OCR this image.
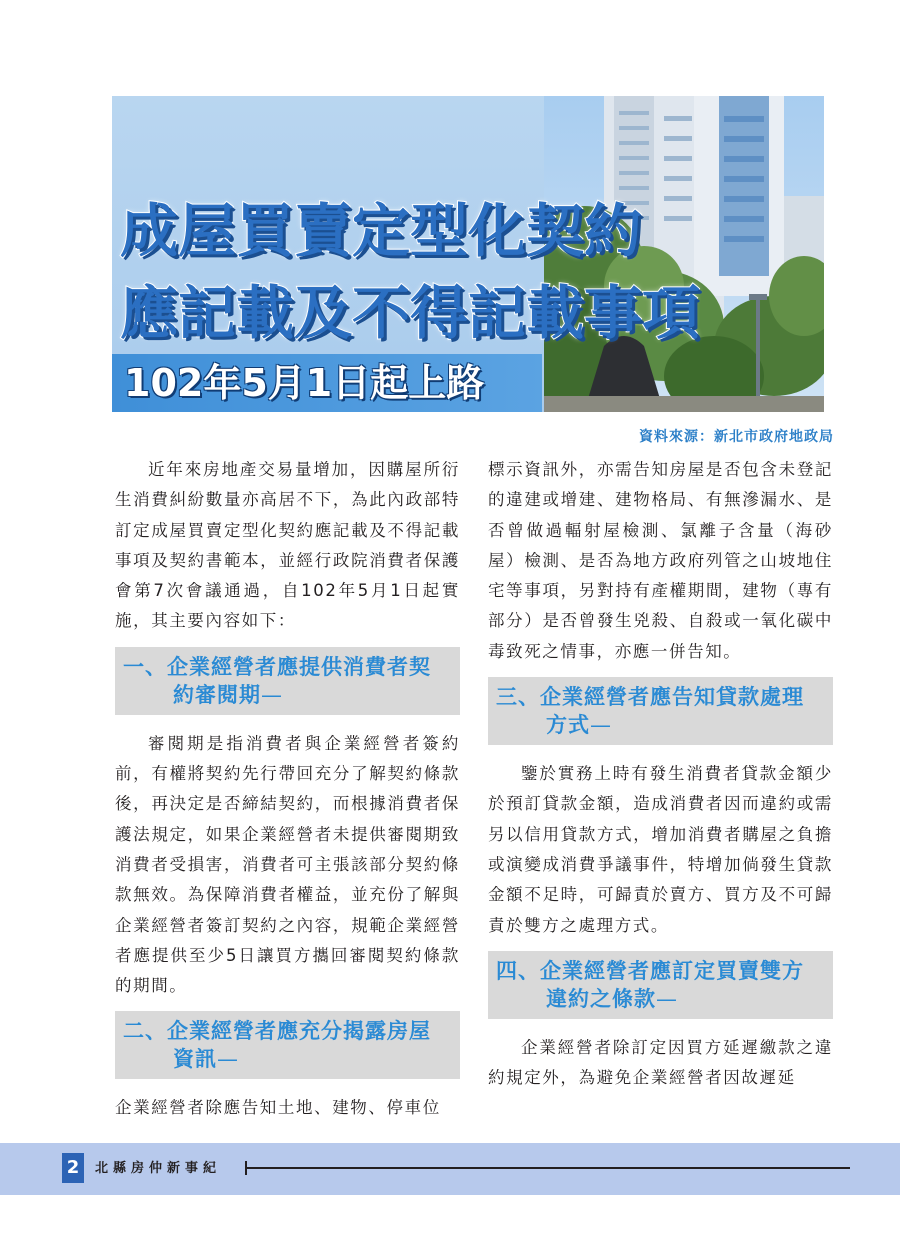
成屋買賣定型化契約
應記載及不得記載事項
102年5月1日起上路
資料來源：新北市政府地政局

近年來房地產交易量增加，因購屋所衍生消費糾紛數量亦高居不下，為此內政部特訂定成屋買賣定型化契約應記載及不得記載事項及契約書範本，並經行政院消費者保護會第7次會議通過，自102年5月1日起實施，其主要內容如下：

一、企業經營者應提供消費者契
約審閱期—

審閱期是指消費者與企業經營者簽約前，有權將契約先行帶回充分了解契約條款後，再決定是否締結契約，而根據消費者保護法規定，如果企業經營者未提供審閱期致消費者受損害，消費者可主張該部分契約條款無效。為保障消費者權益，並充份了解與企業經營者簽訂契約之內容，規範企業經營者應提供至少5日讓買方攜回審閱契約條款的期間。

二、企業經營者應充分揭露房屋
資訊—

企業經營者除應告知土地、建物、停車位

標示資訊外，亦需告知房屋是否包含未登記的違建或增建、建物格局、有無滲漏水、是否曾做過輻射屋檢測、氯離子含量（海砂屋）檢測、是否為地方政府列管之山坡地住宅等事項，另對持有產權期間，建物（專有部分）是否曾發生兇殺、自殺或一氧化碳中毒致死之情事，亦應一併告知。

三、企業經營者應告知貸款處理
方式—

鑒於實務上時有發生消費者貸款金額少於預訂貸款金額，造成消費者因而違約或需另以信用貸款方式，增加消費者購屋之負擔或演變成消費爭議事件，特增加倘發生貸款金額不足時，可歸責於賣方、買方及不可歸責於雙方之處理方式。

四、企業經營者應訂定買賣雙方
違約之條款—

企業經營者除訂定因買方延遲繳款之違約規定外，為避免企業經營者因故遲延

2	北縣房仲新事紀
